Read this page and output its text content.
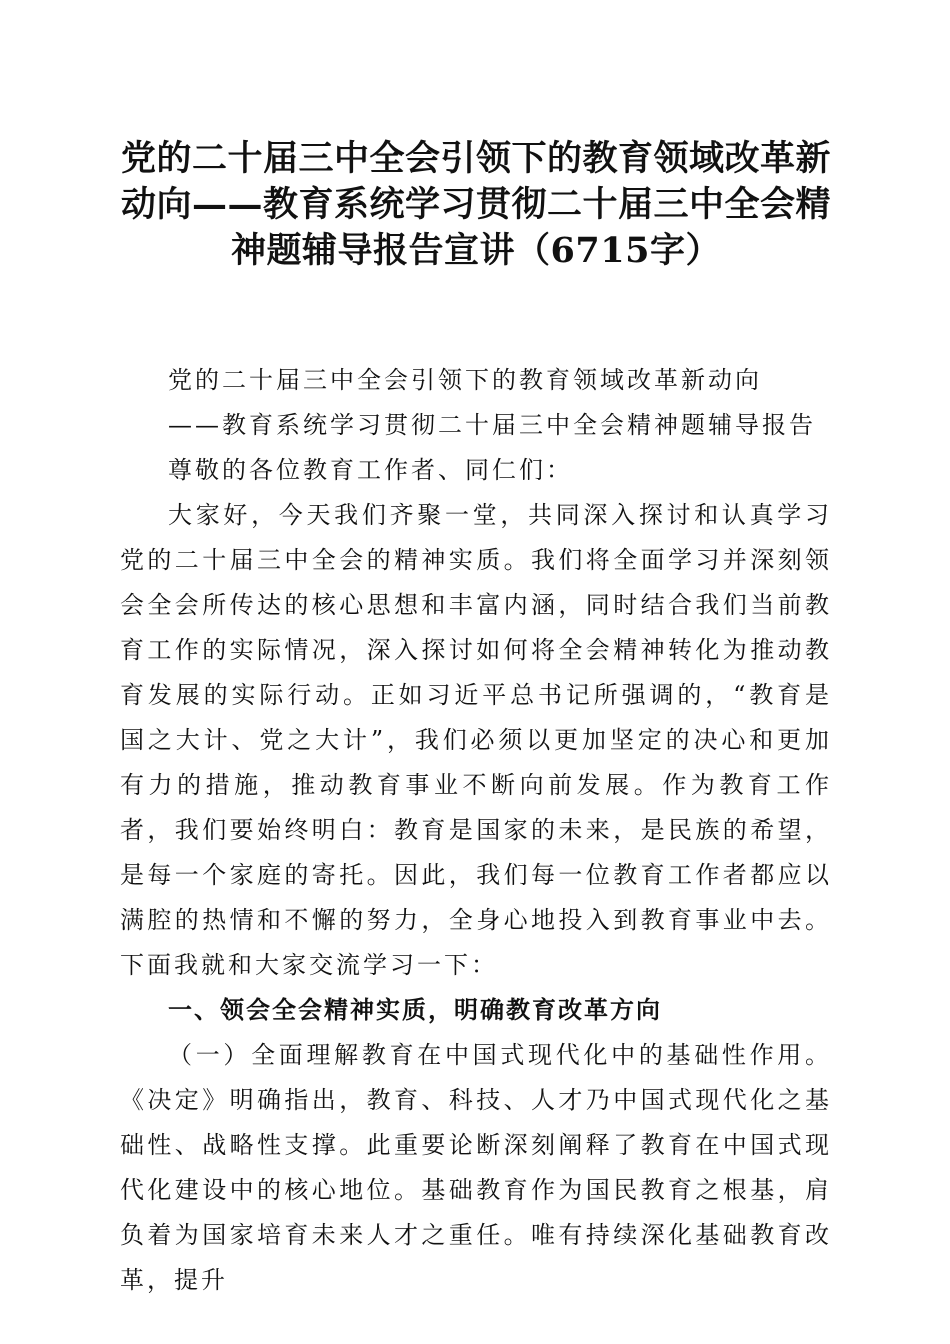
党的二十届三中全会引领下的教育领域改革新动向——教育系统学习贯彻二十届三中全会精神题辅导报告宣讲（6715字）

党的二十届三中全会引领下的教育领域改革新动向

——教育系统学习贯彻二十届三中全会精神题辅导报告

尊敬的各位教育工作者、同仁们：

大家好，今天我们齐聚一堂，共同深入探讨和认真学习党的二十届三中全会的精神实质。我们将全面学习并深刻领会全会所传达的核心思想和丰富内涵，同时结合我们当前教育工作的实际情况，深入探讨如何将全会精神转化为推动教育发展的实际行动。正如习近平总书记所强调的，“教育是国之大计、党之大计”，我们必须以更加坚定的决心和更加有力的措施，推动教育事业不断向前发展。作为教育工作者，我们要始终明白：教育是国家的未来，是民族的希望，是每一个家庭的寄托。因此，我们每一位教育工作者都应以满腔的热情和不懈的努力，全身心地投入到教育事业中去。下面我就和大家交流学习一下：

一、领会全会精神实质，明确教育改革方向

（一）全面理解教育在中国式现代化中的基础性作用。《决定》明确指出，教育、科技、人才乃中国式现代化之基础性、战略性支撑。此重要论断深刻阐释了教育在中国式现代化建设中的核心地位。基础教育作为国民教育之根基，肩负着为国家培育未来人才之重任。唯有持续深化基础教育改革，提升
